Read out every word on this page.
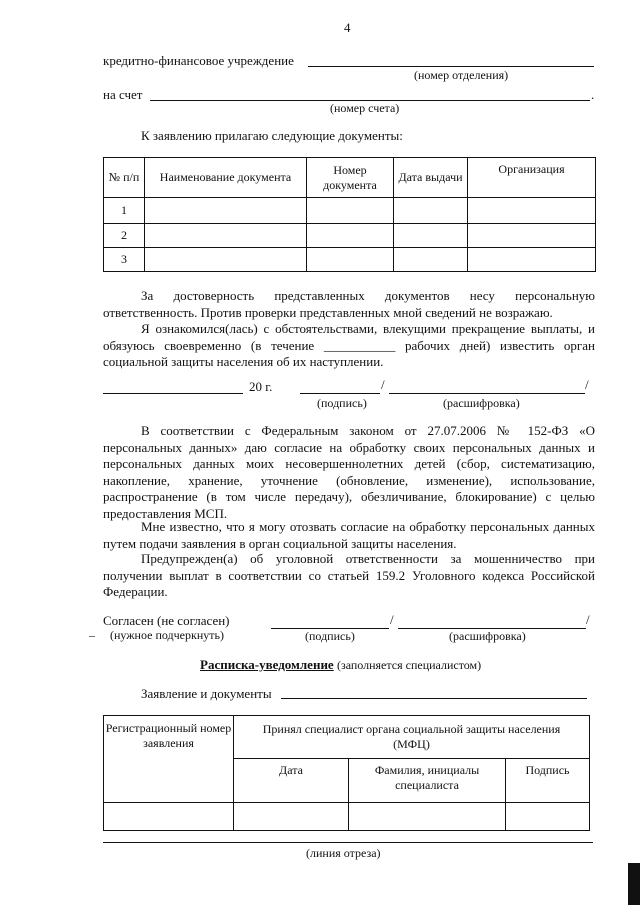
4
кредитно-финансовое учреждение
(номер отделения)
на счет	.
(номер счета)
К заявлению прилагаю следующие документы:
№ п/п	Наименование документа	Номер документа	Дата выдачи	Организация
1				
2				
3				
За достоверность представленных документов несу персональную ответственность. Против проверки представленных мной сведений не возражаю.
Я ознакомился(лась) с обстоятельствами, влекущими прекращение выплаты, и обязуюсь своевременно (в течение ___________ рабочих дней) известить орган социальной защиты населения об их наступлении.
20 г.	/	/
(подпись)	(расшифровка)
В соответствии с Федеральным законом от 27.07.2006 № 152-ФЗ «О персональных данных» даю согласие на обработку своих персональных данных и персональных данных моих несовершеннолетних детей (сбор, систематизацию, накопление, хранение, уточнение (обновление, изменение), использование, распространение (в том числе передачу), обезличивание, блокирование) с целью предоставления МСП.
Мне известно, что я могу отозвать согласие на обработку персональных данных путем подачи заявления в орган социальной защиты населения.
Предупрежден(а) об уголовной ответственности за мошенничество при получении выплат в соответствии со статьей 159.2 Уголовного кодекса Российской Федерации.
Согласен (не согласен)
– (нужное подчеркнуть)
/	/
(подпись)	(расшифровка)
Расписка-уведомление (заполняется специалистом)
Заявление и документы
Регистрационный номер заявления	Принял специалист органа социальной защиты населения (МФЦ)		
	Дата	Фамилия, инициалы специалиста	Подпись

(линия отреза)
